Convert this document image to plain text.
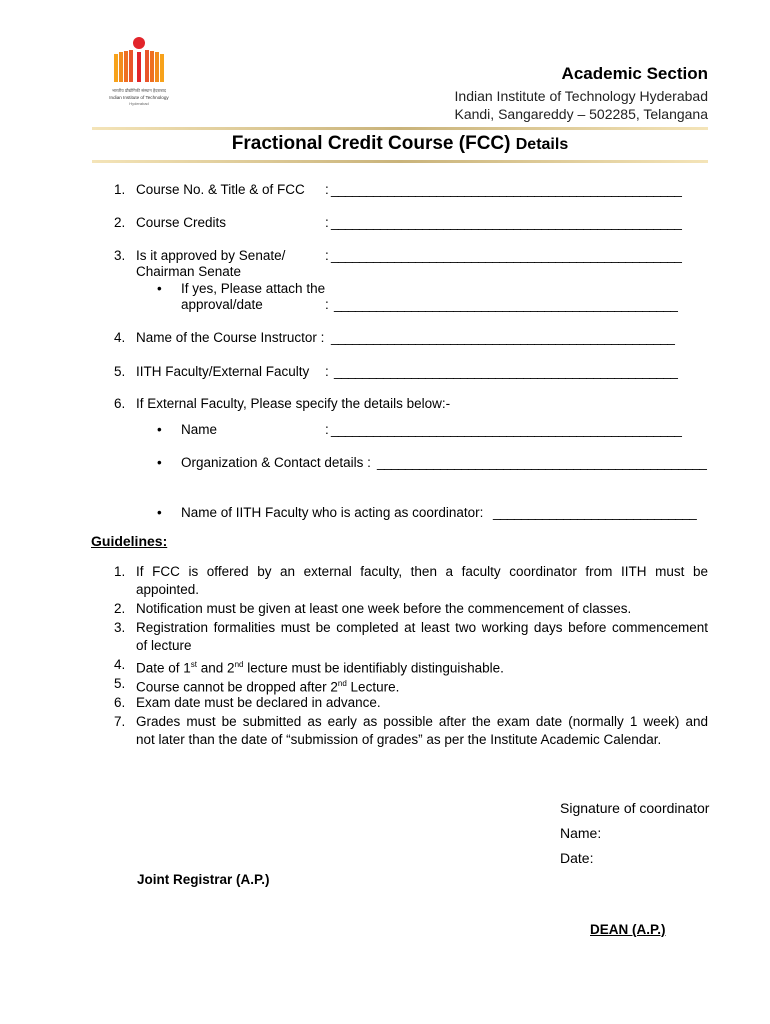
भारतीय प्रौद्योगिकी संस्थान हैदराबाद
Indian Institute of Technology
Hyderabad
Academic Section
Indian Institute of Technology Hyderabad
Kandi, Sangareddy – 502285, Telangana
Fractional Credit Course (FCC) Details
1. Course No. & Title & of FCC : __________________________________________________
2. Course Credits	: __________________________________________________
3. Is it approved by Senate/
Chairman Senate
: __________________________________________________
• If yes, Please attach the
approval/date	: _________________________________________________
4. Name of the Course Instructor : _________________________________________________
5. IITH Faculty/External Faculty : _________________________________________________
6. If External Faculty, Please specify the details below:-
• Name	: __________________________________________________
• Organization & Contact details : _______________________________________________
• Name of IITH Faculty who is acting as coordinator: _____________________________
Guidelines:
1. If FCC is offered by an external faculty, then a faculty coordinator from IITH must be
appointed.
2. Notification must be given at least one week before the commencement of classes.
3. Registration formalities must be completed at least two working days before commencement
of lecture
4. Date of 1st and 2nd lecture must be identifiably distinguishable.
5. Course cannot be dropped after 2nd Lecture.
6. Exam date must be declared in advance.
7. Grades must be submitted as early as possible after the exam date (normally 1 week) and
not later than the date of “submission of grades” as per the Institute Academic Calendar.
Signature of coordinator
Name:
Date:
Joint Registrar (A.P.)
DEAN (A.P.)
